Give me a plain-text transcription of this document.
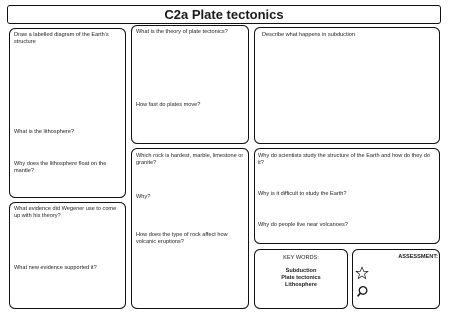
C2a Plate tectonics
Draw a labelled diagram of the Earth’s structure
What is the lithosphere?
Why does the lithosphere float on the mantle?
What evidence did Wegener use to come up with his theory?
What new evidence supported it?
What is the theory of plate tectonics?
How fast do plates move?
Which rock is hardest, marble, limestone or granite?
Why?
How does the type of rock affect how volcanic eruptions?
Describe what happens in subduction
Why do scientists study the structure of the Earth and how do they do it?
Why is it difficult to study the Earth?
Why do people live near volcanoes?
KEY WORDS:
Subduction
Plate tectonics
Lithosphere
ASSESSMENT:
